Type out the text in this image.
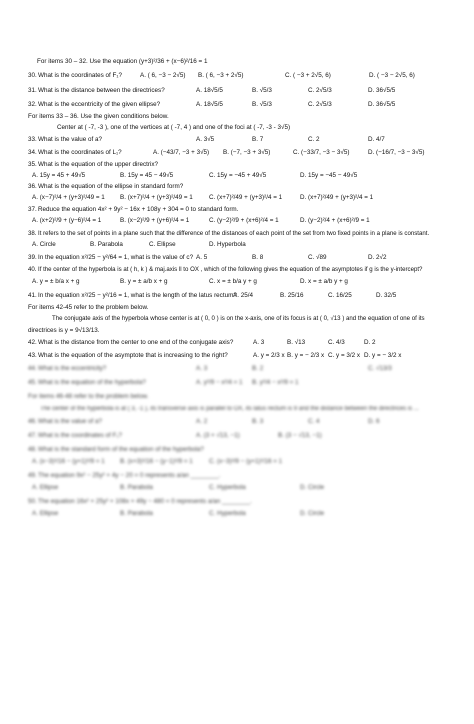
For items 30 – 32. Use the equation (y+3)²/36 + (x−6)²/16 = 1
30. What is the coordinates of F₁?	A. ( 6, −3 − 2√5) B. ( 6, −3 + 2√5)	C. ( −3 + 2√5, 6)	D. ( −3 − 2√5, 6)
31. What is the distance between the directrices?	A. 18√5/5	B. √5/3	C. 2√5/3	D. 36√5/5
32. What is the eccentricity of the given ellipse?	A. 18√5/5	B. √5/3	C. 2√5/3	D. 36√5/5
For items 33 – 36. Use the given conditions below.
Center at ( -7, -3 ), one of the vertices at ( -7, 4 ) and one of the foci at ( -7, -3 - 3√5)
33. What is the value of a?	A. 3√5	B. 7	C. 2	D. 4/7
34. What is the coordinates of L₁?	A. (−43/7, −3 + 3√5) B. (−7, −3 + 3√5)	C. (−33/7, −3 − 3√5)	D. (−16/7, −3 − 3√5)
35. What is the equation of the upper directrix?
A. 15y = 45 + 49√5	B. 15y = 45 − 49√5	C. 15y = −45 + 49√5	D. 15y = −45 − 49√5
36. What is the equation of the ellipse in standard form?
A. (x−7)²/4 + (y+3)²/49 = 1 B. (x+7)²/4 + (y+3)²/49 = 1	C. (x+7)²/49 + (y+3)²/4 = 1	D. (x+7)²/49 + (y+3)²/4 = 1
37. Reduce the equation 4x² + 9y² − 16x + 108y + 304 = 0 to standard form.
A. (x+2)²/9 + (y−6)²/4 = 1	B. (x−2)²/9 + (y+6)²/4 = 1	C. (y−2)²/9 + (x+6)²/4 = 1	D. (y−2)²/4 + (x+6)²/9 = 1
38. It refers to the set of points in a plane such that the difference of the distances of each point of the set from two fixed points in a plane is constant.
A. Circle	B. Parabola	C. Ellipse	D. Hyperbola
39. In the equation x²/25 − y²/64 = 1, what is the value of c? A. 5	B. 8	C. √89	D. 2√2
40. If the center of the hyperbola is at ( h, k ) & maj.axis ll to OX , which of the following gives the equation of the asymptotes if g is the y-intercept?
A. y = ± b/a x + g	B. y = ± a/b x + g	C. x = ± b/a y + g	D. x = ± a/b y + g
41. In the equation x²/25 − y²/16 = 1, what is the length of the latus rectum?
A. 25/4	B. 25/16	C. 16/25	D. 32/5
For items 42-45 refer to the problem below.
The conjugate axis of the hyperbola whose center is at ( 0, 0 ) is on the x-axis, one of its focus is at ( 0, √13 ) and the equation of one of its
directrices is y = 9√13/13.
42. What is the distance from the center to one end of the conjugate axis?	A. 3	B. √13	C. 4/3	D. 2
43. What is the equation of the asymptote that is increasing to the right?	A. y = 2/3 x B. y = − 2/3 x C. y = 3/2 x D. y = − 3/2 x
44. What is the eccentricity?	A. 3	B. 2	C. √13/3
45. What is the equation of the hyperbola?	A. y²/9 − x²/4 = 1 B. y²/4 − x²/9 = 1
For items 46-48 refer to the problem below.
The center of the hyperbola is at ( 3, -1 ), its transverse axis is parallel to OX, its latus rectum is 9 and the distance between the directrices is ...
46. What is the value of a?	A. 2	B. 3	C. 4	D. 6
47. What is the coordinates of F₁?	A. (3 + √13, −1)	B. (3 − √13, −1)
48. What is the standard form of the equation of the hyperbola?
A. (x−3)²/16 − (y+1)²/9 = 1 B. (x+3)²/16 − (y−1)²/9 = 1	C. (x−3)²/9 − (y+1)²/16 = 1
49. The equation 9x² − 25y² + 4y − 20 = 0 represents a/an ________.
A. Ellipse	B. Parabola	C. Hyperbola	D. Circle
50. The equation 16x² + 25y² + 108x + 49y − 480 = 0 represents a/an ________.
A. Ellipse	B. Parabola	C. Hyperbola	D. Circle
